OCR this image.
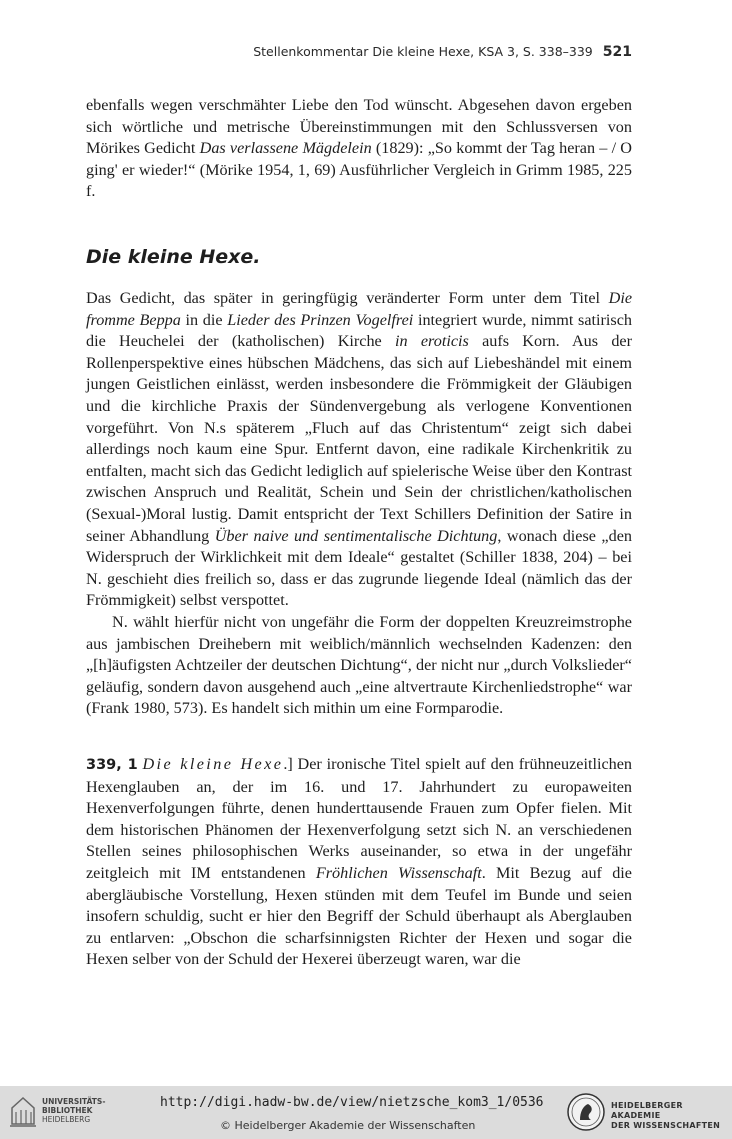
Stellenkommentar Die kleine Hexe, KSA 3, S. 338–339 521

ebenfalls wegen verschmähter Liebe den Tod wünscht. Abgesehen davon ergeben sich wörtliche und metrische Übereinstimmungen mit den Schlussversen von Mörikes Gedicht Das verlassene Mägdelein (1829): „So kommt der Tag heran – / O ging' er wieder!“ (Mörike 1954, 1, 69) Ausführlicher Vergleich in Grimm 1985, 225 f.

Die kleine Hexe.

Das Gedicht, das später in geringfügig veränderter Form unter dem Titel Die fromme Beppa in die Lieder des Prinzen Vogelfrei integriert wurde, nimmt satirisch die Heuchelei der (katholischen) Kirche in eroticis aufs Korn. Aus der Rollenperspektive eines hübschen Mädchens, das sich auf Liebeshändel mit einem jungen Geistlichen einlässt, werden insbesondere die Frömmigkeit der Gläubigen und die kirchliche Praxis der Sündenvergebung als verlogene Konventionen vorgeführt. Von N.s späterem „Fluch auf das Christentum“ zeigt sich dabei allerdings noch kaum eine Spur. Entfernt davon, eine radikale Kirchenkritik zu entfalten, macht sich das Gedicht lediglich auf spielerische Weise über den Kontrast zwischen Anspruch und Realität, Schein und Sein der christlichen/katholischen (Sexual-)Moral lustig. Damit entspricht der Text Schillers Definition der Satire in seiner Abhandlung Über naive und sentimentalische Dichtung, wonach diese „den Widerspruch der Wirklichkeit mit dem Ideale“ gestaltet (Schiller 1838, 204) – bei N. geschieht dies freilich so, dass er das zugrunde liegende Ideal (nämlich das der Frömmigkeit) selbst verspottet.

N. wählt hierfür nicht von ungefähr die Form der doppelten Kreuzreimstrophe aus jambischen Dreihebern mit weiblich/männlich wechselnden Kadenzen: den „[h]äufigsten Achtzeiler der deutschen Dichtung“, der nicht nur „durch Volkslieder“ geläufig, sondern davon ausgehend auch „eine altvertraute Kirchenliedstrophe“ war (Frank 1980, 573). Es handelt sich mithin um eine Formparodie.

339, 1 Die kleine Hexe.] Der ironische Titel spielt auf den frühneuzeitlichen Hexenglauben an, der im 16. und 17. Jahrhundert zu europaweiten Hexenverfolgungen führte, denen hunderttausende Frauen zum Opfer fielen. Mit dem historischen Phänomen der Hexenverfolgung setzt sich N. an verschiedenen Stellen seines philosophischen Werks auseinander, so etwa in der ungefähr zeitgleich mit IM entstandenen Fröhlichen Wissenschaft. Mit Bezug auf die abergläubische Vorstellung, Hexen stünden mit dem Teufel im Bunde und seien insofern schuldig, sucht er hier den Begriff der Schuld überhaupt als Aberglauben zu entlarven: „Obschon die scharfsinnigsten Richter der Hexen und sogar die Hexen selber von der Schuld der Hexerei überzeugt waren, war die

UNIVERSITÄTS-
BIBLIOTHEK
HEIDELBERG
http://digi.hadw-bw.de/view/nietzsche_kom3_1/0536
© Heidelberger Akademie der Wissenschaften
HEIDELBERGER AKADEMIE
DER WISSENSCHAFTEN
